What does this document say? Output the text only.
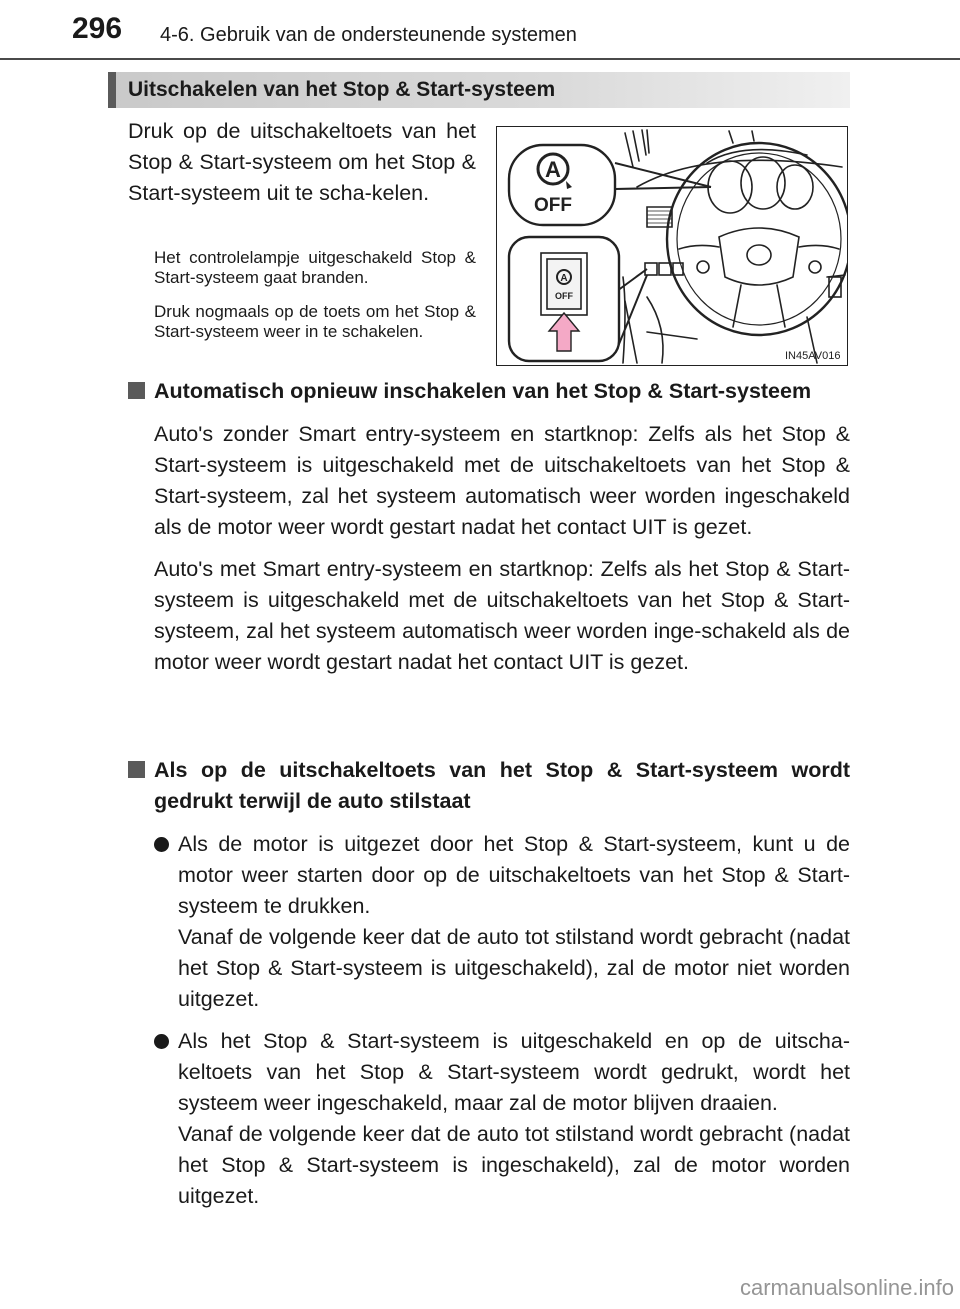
296 4-6. Gebruik van de ondersteunende systemen
Uitschakelen van het Stop & Start-systeem

Druk op de uitschakeltoets van het Stop & Start-systeem om het Stop & Start-systeem uit te scha-kelen.

Het controlelampje uitgeschakeld Stop & Start-systeem gaat branden.

Druk nogmaals op de toets om het Stop & Start-systeem weer in te schakelen.

A
OFF
A
OFF
IN45AV016

Automatisch opnieuw inschakelen van het Stop & Start-systeem

Auto's zonder Smart entry-systeem en startknop: Zelfs als het Stop & Start-systeem is uitgeschakeld met de uitschakeltoets van het Stop & Start-systeem, zal het systeem automatisch weer worden ingeschakeld als de motor weer wordt gestart nadat het contact UIT is gezet.

Auto's met Smart entry-systeem en startknop: Zelfs als het Stop & Start-systeem is uitgeschakeld met de uitschakeltoets van het Stop & Start-systeem, zal het systeem automatisch weer worden inge-schakeld als de motor weer wordt gestart nadat het contact UIT is gezet.

Als op de uitschakeltoets van het Stop & Start-systeem wordt gedrukt terwijl de auto stilstaat

Als de motor is uitgezet door het Stop & Start-systeem, kunt u de motor weer starten door op de uitschakeltoets van het Stop & Start-systeem te drukken.

Vanaf de volgende keer dat de auto tot stilstand wordt gebracht (nadat het Stop & Start-systeem is uitgeschakeld), zal de motor niet worden uitgezet.

Als het Stop & Start-systeem is uitgeschakeld en op de uitscha-keltoets van het Stop & Start-systeem wordt gedrukt, wordt het systeem weer ingeschakeld, maar zal de motor blijven draaien.

Vanaf de volgende keer dat de auto tot stilstand wordt gebracht (nadat het Stop & Start-systeem is ingeschakeld), zal de motor worden uitgezet.

carmanualsonline.info
